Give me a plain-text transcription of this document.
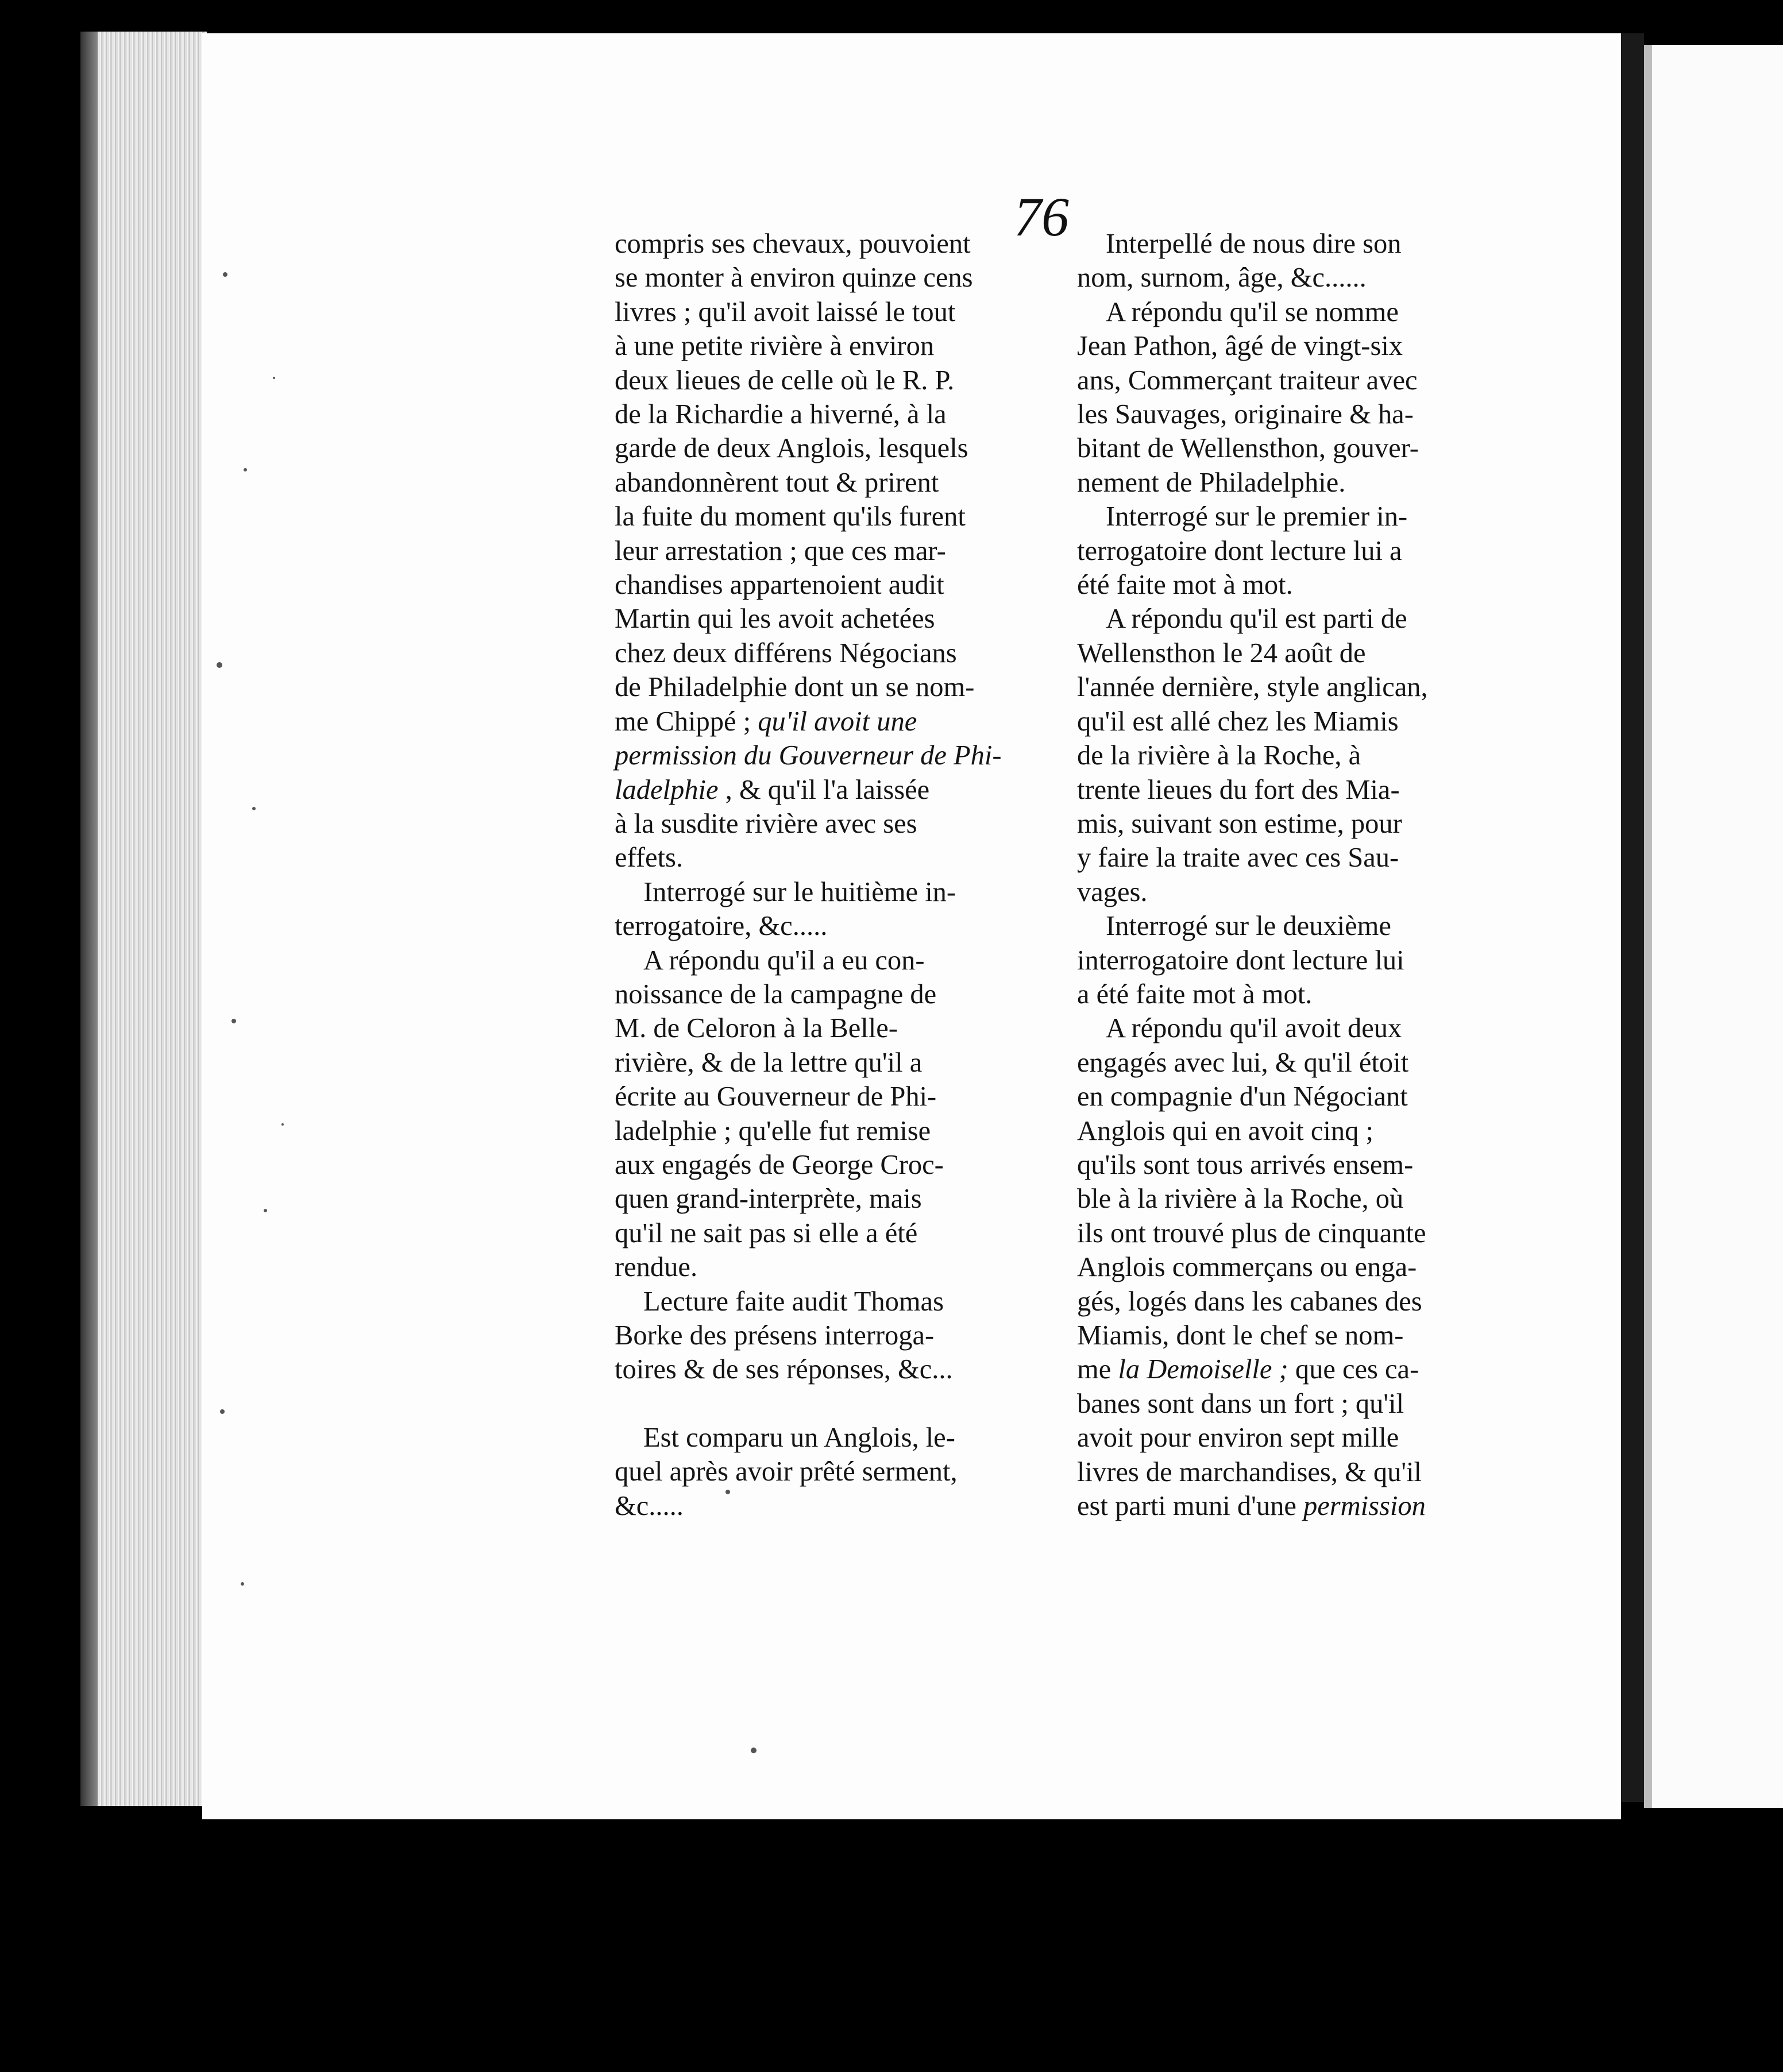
76

compris ses chevaux, pouvoient
se monter à environ quinze cens
livres ; qu'il avoit laissé le tout
à une petite rivière à environ
deux lieues de celle où le R. P.
de la Richardie a hiverné, à la
garde de deux Anglois, lesquels
abandonnèrent tout & prirent
la fuite du moment qu'ils furent
leur arrestation ; que ces mar-
chandises appartenoient audit
Martin qui les avoit achetées
chez deux différens Négocians
de Philadelphie dont un se nom-
me Chippé ; qu'il avoit une
permission du Gouverneur de Phi-
ladelphie , & qu'il l'a laissée
à la susdite rivière avec ses
effets.

Interrogé sur le huitième in-
terrogatoire, &c.....

A répondu qu'il a eu con-
noissance de la campagne de
M. de Celoron à la Belle-
rivière, & de la lettre qu'il a
écrite au Gouverneur de Phi-
ladelphie ; qu'elle fut remise
aux engagés de George Croc-
quen grand-interprète, mais
qu'il ne sait pas si elle a été
rendue.

Lecture faite audit Thomas
Borke des présens interroga-
toires & de ses réponses, &c...

Est comparu un Anglois, le-
quel après avoir prêté serment,
&c.....

Interpellé de nous dire son
nom, surnom, âge, &c......

A répondu qu'il se nomme
Jean Pathon, âgé de vingt-six
ans, Commerçant traiteur avec
les Sauvages, originaire & ha-
bitant de Wellensthon, gouver-
nement de Philadelphie.

Interrogé sur le premier in-
terrogatoire dont lecture lui a
été faite mot à mot.

A répondu qu'il est parti de
Wellensthon le 24 août de
l'année dernière, style anglican,
qu'il est allé chez les Miamis
de la rivière à la Roche, à
trente lieues du fort des Mia-
mis, suivant son estime, pour
y faire la traite avec ces Sau-
vages.

Interrogé sur le deuxième
interrogatoire dont lecture lui
a été faite mot à mot.

A répondu qu'il avoit deux
engagés avec lui, & qu'il étoit
en compagnie d'un Négociant
Anglois qui en avoit cinq ;
qu'ils sont tous arrivés ensem-
ble à la rivière à la Roche, où
ils ont trouvé plus de cinquante
Anglois commerçans ou enga-
gés, logés dans les cabanes des
Miamis, dont le chef se nom-
me la Demoiselle ; que ces ca-
banes sont dans un fort ; qu'il
avoit pour environ sept mille
livres de marchandises, & qu'il
est parti muni d'une permission
